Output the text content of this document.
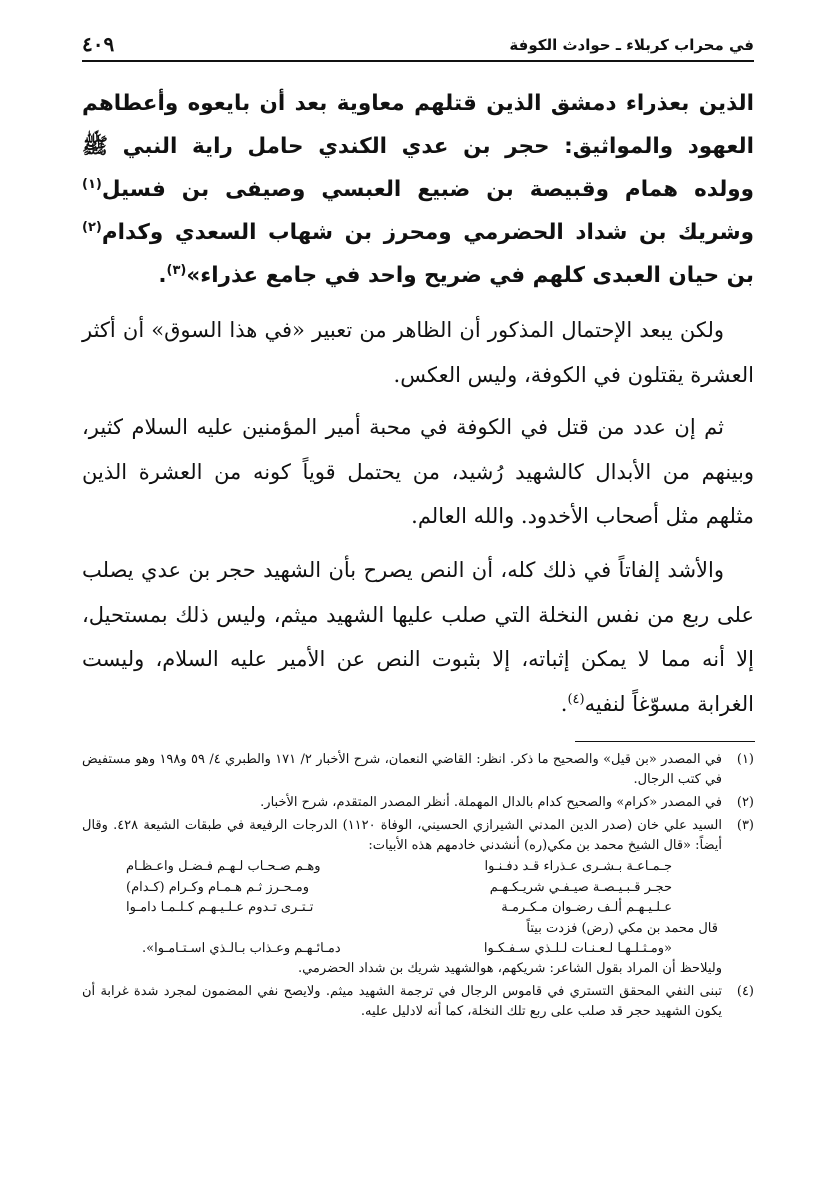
في محراب كربلاء ـ حوادث الكوفة
٤٠٩
الذين بعذراء دمشق الذين قتلهم معاوية بعد أن بايعوه وأعطاهم العهود والمواثيق: حجر بن عدي الكندي حامل راية النبي ﷺ وولده همام وقبيصة بن ضبيع العبسي وصيفى بن فسيل$^{(١)}$ وشريك بن شداد الحضرمي ومحرز بن شهاب السعدي وكدام$^{(٢)}$ بن حيان العبدى كلهم في ضريح واحد في جامع عذراء»$^{(٣)}$.
ولكن يبعد الإحتمال المذكور أن الظاهر من تعبير «في هذا السوق» أن أكثر العشرة يقتلون في الكوفة، وليس العكس.
ثم إن عدد من قتل في الكوفة في محبة أمير المؤمنين عليه السلام كثير، وبينهم من الأبدال كالشهيد رُشيد، من يحتمل قوياً كونه من العشرة الذين مثلهم مثل أصحاب الأخدود. والله العالم.
والأشد إلفاتاً في ذلك كله، أن النص يصرح بأن الشهيد حجر بن عدي يصلب على ربع من نفس النخلة التي صلب عليها الشهيد ميثم، وليس ذلك بمستحيل، إلا أنه مما لا يمكن إثباته، إلا بثبوت النص عن الأمير عليه السلام، وليست الغرابة مسوّغاً لنفيه$^{(٤)}$.
(١)
في المصدر «بن قيل» والصحيح ما ذكر. انظر: القاضي النعمان، شرح الأخبار ٢/ ١٧١ والطبري ٤/ ٥٩ و١٩٨ وهو مستفيض في كتب الرجال.
(٢)
في المصدر «كرام» والصحيح كدام بالدال المهملة. أنظر المصدر المتقدم، شرح الأخبار.
(٣)
السيد علي خان (صدر الدين المدني الشيرازي الحسيني، الوفاة ١١٢٠) الدرجات الرفيعة في طبقات الشيعة ٤٢٨. وقال أيضاً: «قال الشيخ محمد بن مكي(ره) أنشدني خادمهم هذه الأبيات:
جـمـاعـة بـشـرى عـذراء قـد دفـنـوا
وهـم صـحـاب لـهـم فـضـل واعـظـام
حجـر قـبـيـصـة صيـفـي شريـكـهـم
ومـحـرز ثـم هـمـام وكـرام (كـدام)
عـلـيـهـم ألـف رضـوان مـكـرمـة
تـتـرى تـدوم عـلـيـهـم كـلـمـا دامـوا
قال محمد بن مكي (رض) فزدت بيتاً
«ومـثـلـهـا لـعـنـات لـلـذي سـفـكـوا
دمـائـهـم وعـذاب بـالـذي اسـتـامـوا».
وليلاحظ أن المراد بقول الشاعر: شريكهم، هوالشهيد شريك بن شداد الحضرمي.
(٤)
تبنى النفي المحقق التستري في قاموس الرجال في ترجمة الشهيد ميثم. ولايصح نفي المضمون لمجرد شدة غرابة أن يكون الشهيد حجر قد صلب على ربع تلك النخلة، كما أنه لادليل عليه.
